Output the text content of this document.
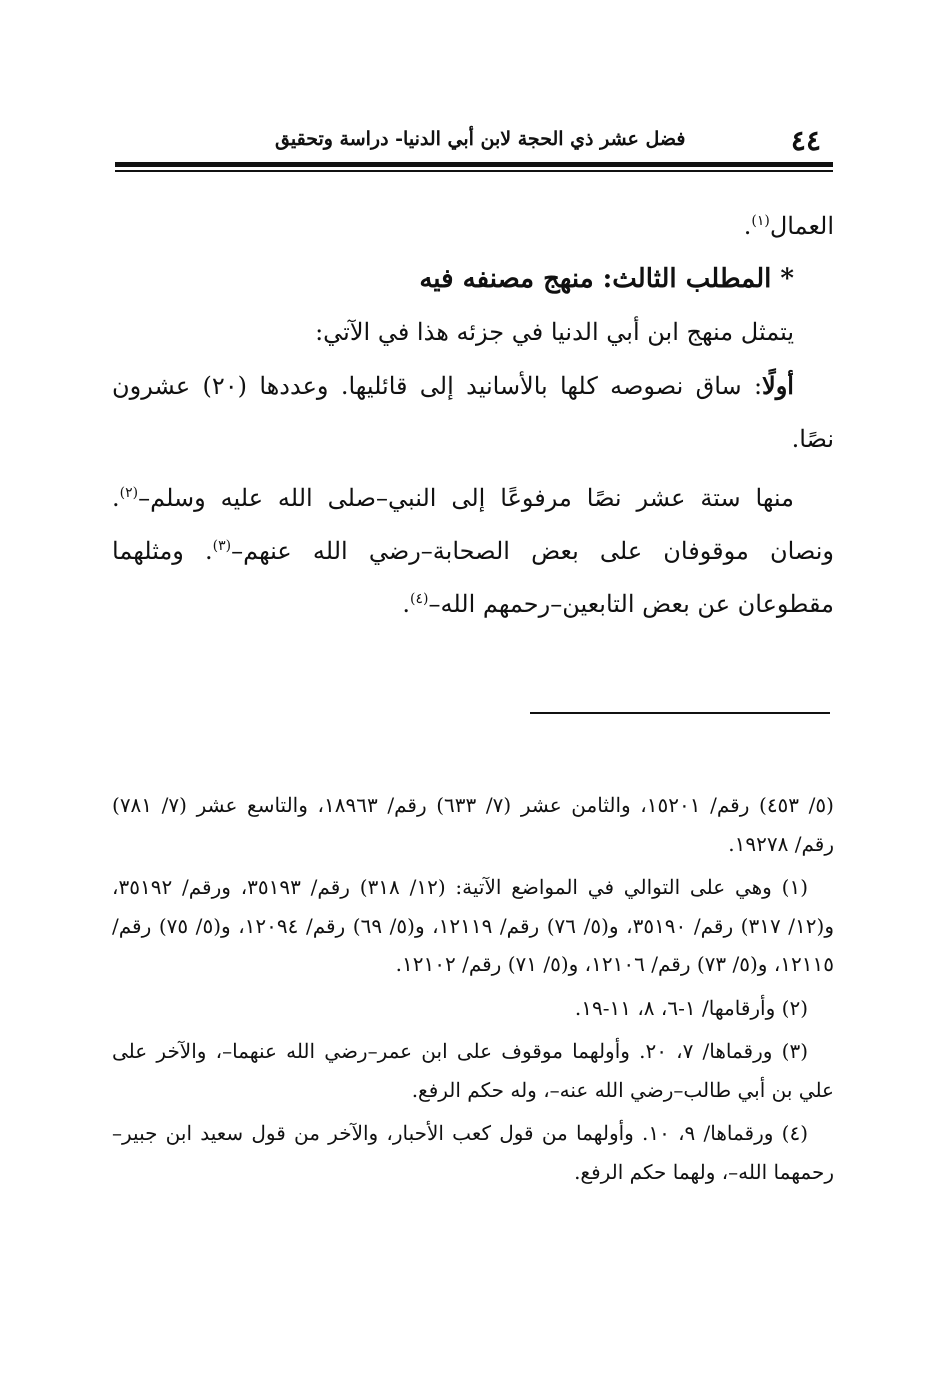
٤٤
فضل عشر ذي الحجة لابن أبي الدنيا- دراسة وتحقيق

العمال$^{(١)}$.

* المطلب الثالث: منهج مصنفه فيه

يتمثل منهج ابن أبي الدنيا في جزئه هذا في الآتي:

أولًا: ساق نصوصه كلها بالأسانيد إلى قائليها. وعددها (٢٠) عشرون نصًا.

منها ستة عشر نصًا مرفوعًا إلى النبي–صلى الله عليه وسلم–$^{(٢)}$. ونصان موقوفان على بعض الصحابة–رضي الله عنهم–$^{(٣)}$. ومثلهما مقطوعان عن بعض التابعين–رحمهم الله–$^{(٤)}$.

(٥/ ٤٥٣) رقم/ ١٥٢٠١، والثامن عشر (٧/ ٦٣٣) رقم/ ١٨٩٦٣، والتاسع عشر (٧/ ٧٨١) رقم/ ١٩٢٧٨.

(١) وهي على التوالي في المواضع الآتية: (١٢/ ٣١٨) رقم/ ٣٥١٩٣، ورقم/ ٣٥١٩٢، و(١٢/ ٣١٧) رقم/ ٣٥١٩٠، و(٥/ ٧٦) رقم/ ١٢١١٩، و(٥/ ٦٩) رقم/ ١٢٠٩٤، و(٥/ ٧٥) رقم/ ١٢١١٥، و(٥/ ٧٣) رقم/ ١٢١٠٦، و(٥/ ٧١) رقم/ ١٢١٠٢.

(٢) وأرقامها/ ١-٦، ٨، ١١-١٩.

(٣) ورقماها/ ٧، ٢٠. وأولهما موقوف على ابن عمر–رضي الله عنهما–، والآخر على علي بن أبي طالب–رضي الله عنه–، وله حكم الرفع.

(٤) ورقماها/ ٩، ١٠. وأولهما من قول كعب الأحبار، والآخر من قول سعيد ابن جبير–رحمهما الله–، ولهما حكم الرفع.
